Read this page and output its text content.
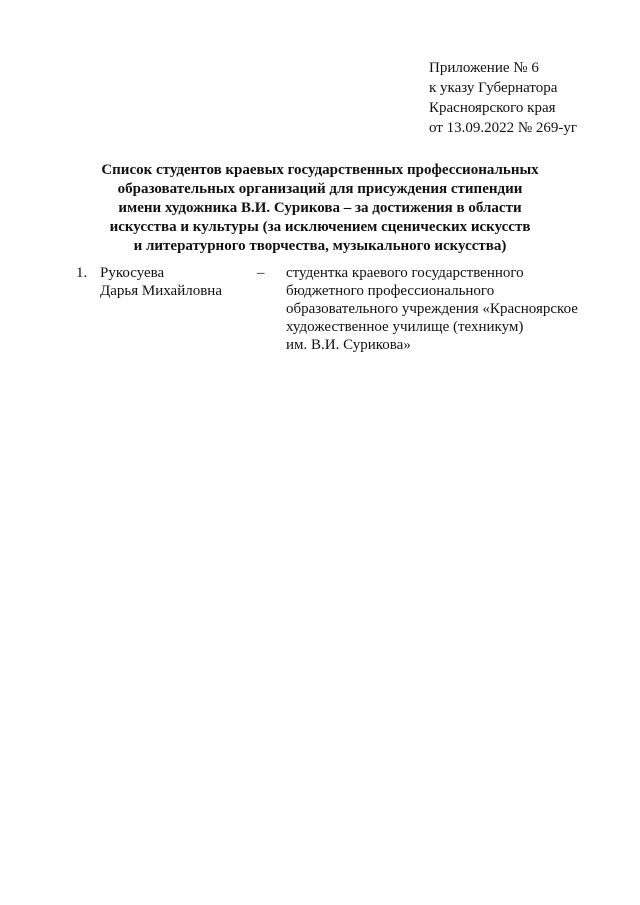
Приложение № 6
к указу Губернатора
Красноярского края
от 13.09.2022 № 269-уг
Список студентов краевых государственных профессиональных
образовательных организаций для присуждения стипендии
имени художника В.И. Сурикова – за достижения в области
искусства и культуры (за исключением сценических искусств
и литературного творчества, музыкального искусства)
1. Рукосуева
Дарья Михайловна
– студентка краевого государственного
бюджетного профессионального
образовательного учреждения «Красноярское
художественное училище (техникум)
им. В.И. Сурикова»
